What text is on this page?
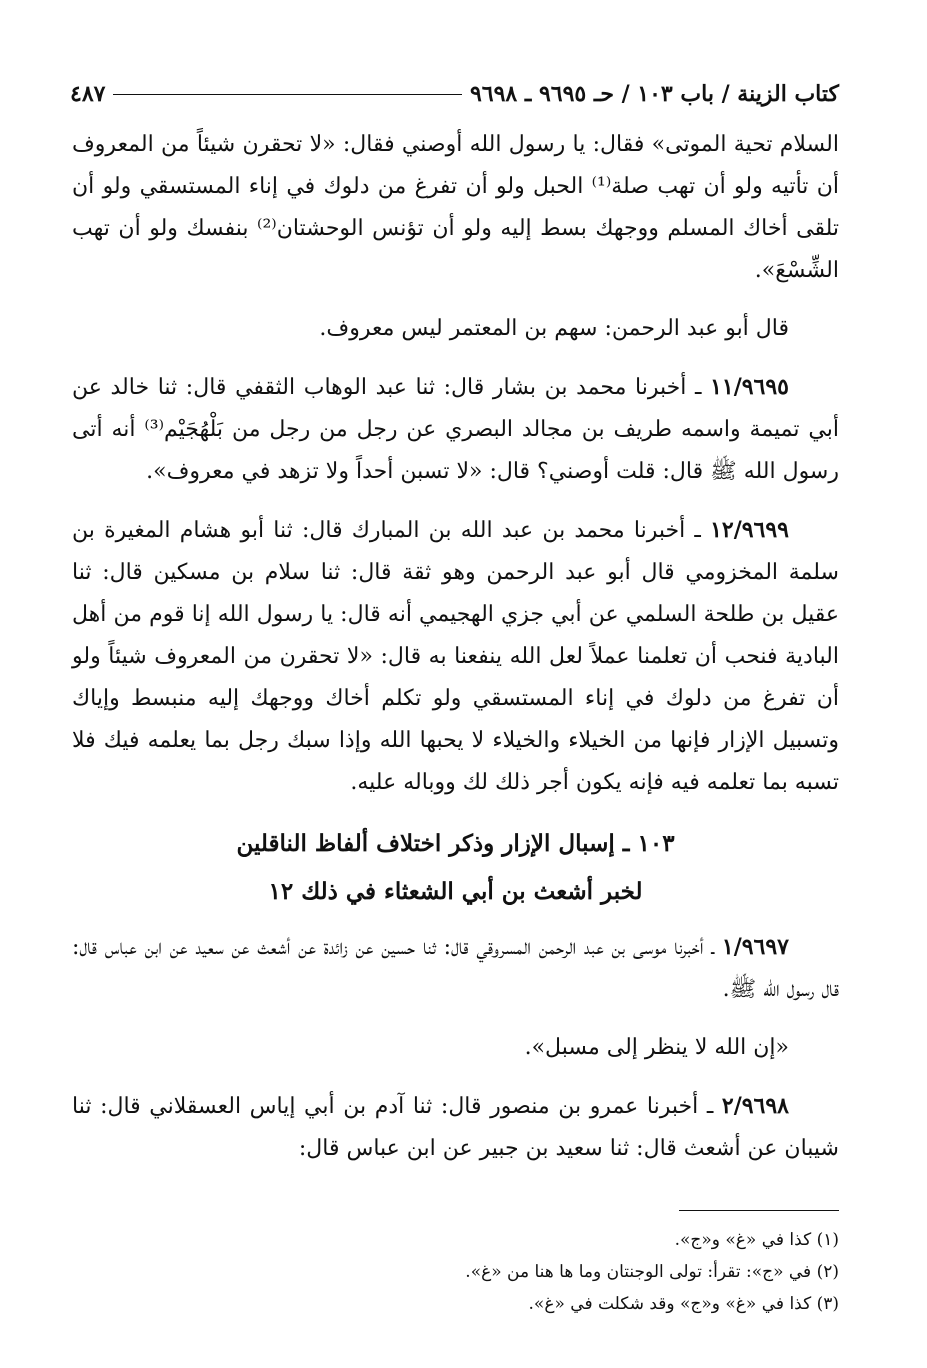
كتاب الزينة / باب ١٠٣ / حـ ٩٦٩٥ ـ ٩٦٩٨
٤٨٧

السلام تحية الموتى» فقال: يا رسول الله أوصني فقال: «لا تحقرن شيئاً من المعروف أن تأتيه ولو أن تهب صلة⁽¹⁾ الحبل ولو أن تفرغ من دلوك في إناء المستسقي ولو أن تلقى أخاك المسلم ووجهك بسط إليه ولو أن تؤنس الوحشتان⁽²⁾ بنفسك ولو أن تهب الشِّسْعَ».

قال أبو عبد الرحمن: سهم بن المعتمر ليس معروف.

١١/٩٦٩٥ ـ أخبرنا محمد بن بشار قال: ثنا عبد الوهاب الثقفي قال: ثنا خالد عن أبي تميمة واسمه طريف بن مجالد البصري عن رجل من رجل من بَلْهُجَيْم⁽³⁾ أنه أتى رسول الله ﷺ قال: قلت أوصني؟ قال: «لا تسبن أحداً ولا تزهد في معروف».

١٢/٩٦٩٩ ـ أخبرنا محمد بن عبد الله بن المبارك قال: ثنا أبو هشام المغيرة بن سلمة المخزومي قال أبو عبد الرحمن وهو ثقة قال: ثنا سلام بن مسكين قال: ثنا عقيل بن طلحة السلمي عن أبي جزي الهجيمي أنه قال: يا رسول الله إنا قوم من أهل البادية فنحب أن تعلمنا عملاً لعل الله ينفعنا به قال: «لا تحقرن من المعروف شيئاً ولو أن تفرغ من دلوك في إناء المستسقي ولو تكلم أخاك ووجهك إليه منبسط وإياك وتسبيل الإزار فإنها من الخيلاء والخيلاء لا يحبها الله وإذا سبك رجل بما يعلمه فيك فلا تسبه بما تعلمه فيه فإنه يكون أجر ذلك لك ووباله عليه.

١٠٣ ـ إسبال الإزار وذكر اختلاف ألفاظ الناقلين
لخبر أشعث بن أبي الشعثاء في ذلك ١٢

١/٩٦٩٧ ـ أخبرنا موسى بن عبد الرحمن المسروقي قال: ثنا حسين عن زائدة عن أشعث عن سعيد عن ابن عباس قال: قال رسول الله ﷺ.

«إن الله لا ينظر إلى مسبل».

٢/٩٦٩٨ ـ أخبرنا عمرو بن منصور قال: ثنا آدم بن أبي إياس العسقلاني قال: ثنا شيبان عن أشعث قال: ثنا سعيد بن جبير عن ابن عباس قال:

(١) كذا في «غ» و«ج».
(٢) في «ج»: تقرأ: تولى الوجنتان وما ها هنا من «غ».
(٣) كذا في «غ» و«ج» وقد شكلت في «غ».
